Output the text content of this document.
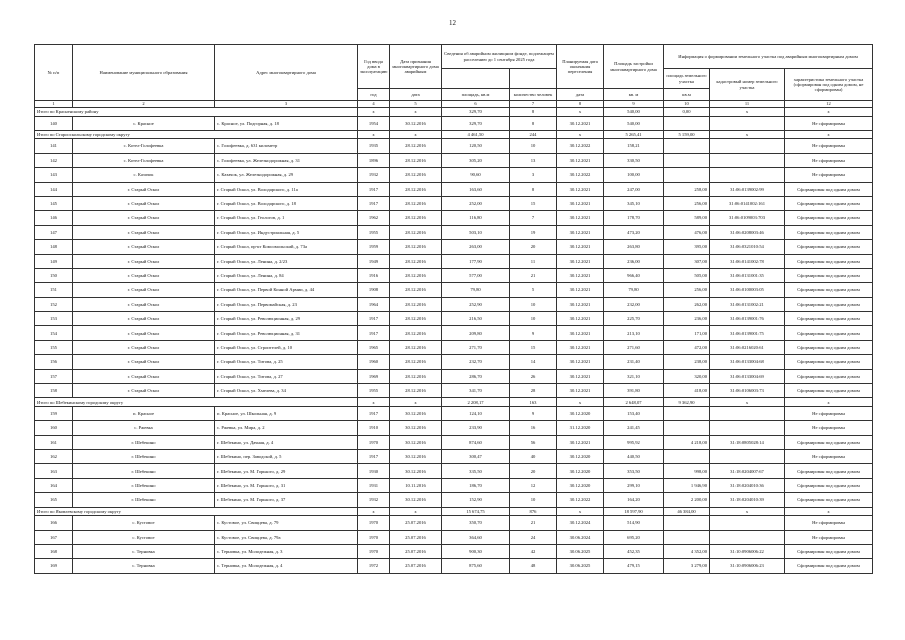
12
№ п/п	Наименование муниципального образования	Адрес многоквартирного дома	Год ввода дома в эксплуатацию	Дата признания многоквартирного дома аварийным	Сведения об аварийном жилищном фонде, подлежащем расселению до 1 сентября 2025 года		Планируемая дата окончания переселения	Площадь застройки многоквартирного дома	Информация о формировании земельного участка под аварийным многоквартирным домом		
									площадь земельного участка	кадастровый номер земельного участка	характеристика земельного участка (сформирован под одним домом, не сформирован)
			год	дата	площадь, кв.м	количество человек	дата	кв. м	кв.м		
1	2	3	4	5	6	7	8	9	10	11	12
Итого по Красненскому району			x	x	329,70	8	x	540,00	0,00	x	x
140	с. Красное	с. Красное, ул. Подгорная, д. 18	1954	30.12.2016	329,70	8	30.12.2021	540,00			Не сформирован
Итого по Старооскольскому городскому округу			x	x	4 461,50	244	x	5 265,41	5 159,00	x	x
141	с. Котел-Голофеевка	с. Голофеевка, д. 631 километр	1935	28.12.2016	120,50	10	30.12.2022	158,21			Не сформирован
142	с. Котел-Голофеевка	с. Голофеевка, ул. Железнодорожная, д. 31	1896	28.12.2016	305,20	13	30.12.2021	330,50			Не сформирован
143	с. Казачок	с. Казачок, ул. Железнодорожная, д. 29	1932	28.12.2016	90,60	3	30.12.2022	100,00			Не сформирован
144	г. Старый Оскол	г. Старый Оскол, ул. Володарского, д. 11а	1917	28.12.2016	163,60	8	30.12.2021	247,00	258,00	31:06:0139002:99	Сформирован под одним домом
145	г. Старый Оскол	г. Старый Оскол, ул. Володарского, д. 18	1917	28.12.2016	252,00	15	30.12.2021	345,10	256,00	31:06:0141002:161	Сформирован под одним домом
146	г. Старый Оскол	г. Старый Оскол, ул. Геологов, д. 1	1962	28.12.2016	116,80	7	30.12.2021	178,70	589,00	31:06:0109003:703	Сформирован под одним домом
147	г. Старый Оскол	г. Старый Оскол, ул. Индустриальная, д. 5	1955	28.12.2016	503,10	19	30.12.2021	473,20	476,00	31:06:0208003:46	Сформирован под одним домом
148	г. Старый Оскол	г. Старый Оскол, пр-кт Комсомольский, д. 73а	1959	28.12.2016	263,00	20	30.12.2021	263,80	395,00	31:06:0321010:54	Сформирован под одним домом
149	г. Старый Оскол	г. Старый Оскол, ул. Ленина, д. 2/23	1949	28.12.2016	177,90	11	30.12.2021	236,00	307,00	31:06:0141002:78	Сформирован под одним домом
150	г. Старый Оскол	г. Старый Оскол, ул. Ленина, д. 84	1916	28.12.2016	577,00	21	30.12.2021	966,40	505,00	31:06:0131001:35	Сформирован под одним домом
151	г. Старый Оскол	г. Старый Оскол, ул. Первой Конной Армии, д. 44	1908	28.12.2016	79,80	5	30.12.2021	79,80	256,00	31:06:0100003:05	Сформирован под одним домом
152	г. Старый Оскол	г. Старый Оскол, ул. Первомайская, д. 23	1964	28.12.2016	252,90	10	30.12.2021	232,00	262,00	31:06:0131002:21	Сформирован под одним домом
153	г. Старый Оскол	г. Старый Оскол, ул. Революционная, д. 29	1917	28.12.2016	216,50	10	30.12.2021	225,70	236,00	31:06:0139001:76	Сформирован под одним домом
154	г. Старый Оскол	г. Старый Оскол, ул. Революционная, д. 31	1917	28.12.2016	209,80	9	30.12.2021	213,10	171,00	31:06:0139001:75	Сформирован под одним домом
155	г. Старый Оскол	г. Старый Оскол, ул. Строителей, д. 10	1965	28.12.2016	271,70	15	30.12.2021	271,60	472,00	31:06:0216020:61	Сформирован под одним домом
156	г. Старый Оскол	г. Старый Оскол, ул. Титова, д. 25	1960	28.12.2016	232,70	14	30.12.2021	231,40	238,00	31:06:0133004:68	Сформирован под одним домом
157	г. Старый Оскол	г. Старый Оскол, ул. Титова, д. 27	1969	28.12.2016	286,70	26	30.12.2021	321,10	320,00	31:06:0133004:69	Сформирован под одним домом
158	г. Старый Оскол	г. Старый Оскол, ул. Хмелева, д. 34	1955	28.12.2016	341,70	28	30.12.2021	391,80	418,00	31:06:0106003:73	Сформирован под одним домом
Итого по Шебекинскому городскому округу			x	x	2 208,17	163	x	2 648,07	9 362,90	x	x
159	п. Красное	п. Красное, ул. Школьная, д. 9	1917	30.12.2016	124,10	9	30.12.2020	153,40			Не сформирован
160	с. Ржевка	с. Ржевка, ул. Мира, д. 2	1910	30.12.2016	233,90	16	31.12.2020	241,45			Не сформирован
161	г. Шебекино	г. Шебекино, ул. Дачная, д. 4	1970	30.12.2016	874,60	56	30.12.2021	995,92	4 218,00	31:18:0805028:14	Сформирован под одним домом
162	г. Шебекино	г. Шебекино, пер. Заводской, д. 5	1917	30.12.2016	300,47	40	30.12.2020	440,50			Не сформирован
163	г. Шебекино	г. Шебекино, ул. М. Горького, д. 29	1930	30.12.2016	335,50	20	30.12.2020	353,50	998,00	31:18:0204007:67	Сформирован под одним домом
164	г. Шебекино	г. Шебекино, ул. М. Горького, д. 31	1931	10.11.2016	186,70	12	30.12.2020	299,10	1 946,90	31:18:0204010:36	Сформирован под одним домом
165	г. Шебекино	г. Шебекино, ул. М. Горького, д. 37	1932	30.12.2016	152,90	10	30.12.2022	164,20	2 200,00	31:18:0204010:39	Сформирован под одним домом
Итого по Яковлевскому городскому округу			x	x	15 674,75	876	x	18 597,90	46 384,00	x	x
166	с. Кустовое	с. Кустовое, ул. Свиццева, д. 79	1970	25.07.2016	350,70	21	30.12.2024	514,90			Не сформирован
167	с. Кустовое	с. Кустовое, ул. Свиццева, д. 79а	1970	25.07.2016	364,60	24	30.06.2024	695,20			Не сформирован
168	с. Терновка	с. Терновка, ул. Молодежная, д. 3	1970	25.07.2016	900,30	42	30.06.2025	452,35	4 352,00	31:10:0906006:22	Сформирован под одним домом
169	с. Терновка	с. Терновка, ул. Молодежная, д. 4	1972	25.07.2016	875,60	48	30.06.2025	479,15	3 279,00	31:10:0906006:23	Сформирован под одним домом
